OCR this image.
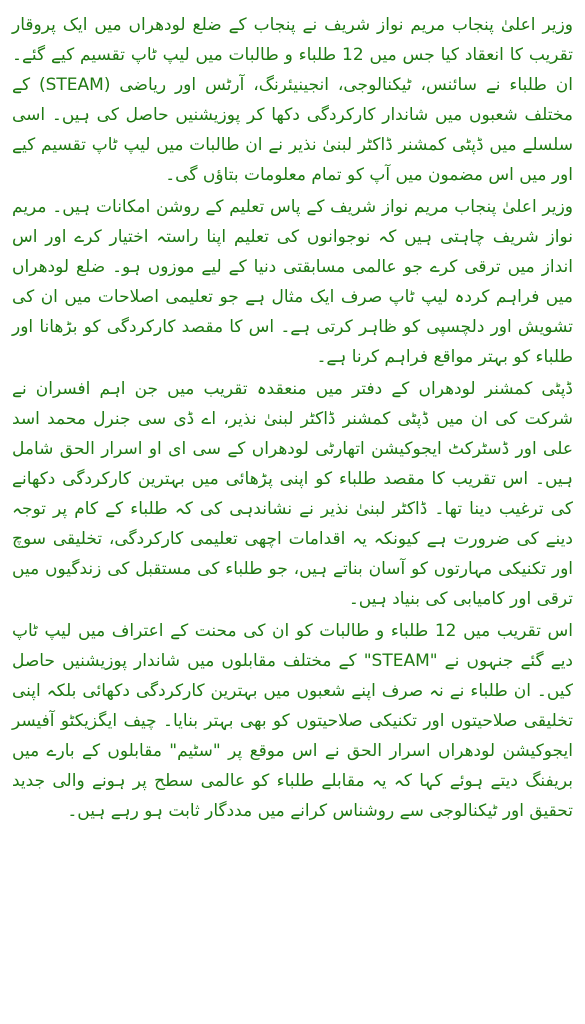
وزیر اعلیٰ پنجاب مریم نواز شریف نے پنجاب کے ضلع لودھراں میں ایک پروقار تقریب کا انعقاد کیا جس میں 12 طلباء و طالبات میں لیپ ٹاپ تقسیم کیے گئے۔ ان طلباء نے سائنس، ٹیکنالوجی، انجینیئرنگ، آرٹس اور ریاضی (STEAM) کے مختلف شعبوں میں شاندار کارکردگی دکھا کر پوزیشنیں حاصل کی ہیں۔ اسی سلسلے میں ڈپٹی کمشنر ڈاکٹر لبنیٰ نذیر نے ان طالبات میں لیپ ٹاپ تقسیم کیے اور میں اس مضمون میں آپ کو تمام معلومات بتاؤں گی۔

وزیر اعلیٰ پنجاب مریم نواز شریف کے پاس تعلیم کے روشن امکانات ہیں۔ مریم نواز شریف چاہتی ہیں کہ نوجوانوں کی تعلیم اپنا راستہ اختیار کرے اور اس انداز میں ترقی کرے جو عالمی مسابقتی دنیا کے لیے موزوں ہو۔ ضلع لودھراں میں فراہم کردہ لیپ ٹاپ صرف ایک مثال ہے جو تعلیمی اصلاحات میں ان کی تشویش اور دلچسپی کو ظاہر کرتی ہے۔ اس کا مقصد کارکردگی کو بڑھانا اور طلباء کو بہتر مواقع فراہم کرنا ہے۔

ڈپٹی کمشنر لودھراں کے دفتر میں منعقدہ تقریب میں جن اہم افسران نے شرکت کی ان میں ڈپٹی کمشنر ڈاکٹر لبنیٰ نذیر، اے ڈی سی جنرل محمد اسد علی اور ڈسٹرکٹ ایجوکیشن اتھارٹی لودھراں کے سی ای او اسرار الحق شامل ہیں۔ اس تقریب کا مقصد طلباء کو اپنی پڑھائی میں بہترین کارکردگی دکھانے کی ترغیب دینا تھا۔ ڈاکٹر لبنیٰ نذیر نے نشاندہی کی کہ طلباء کے کام پر توجہ دینے کی ضرورت ہے کیونکہ یہ اقدامات اچھی تعلیمی کارکردگی، تخلیقی سوچ اور تکنیکی مہارتوں کو آسان بناتے ہیں، جو طلباء کی مستقبل کی زندگیوں میں ترقی اور کامیابی کی بنیاد ہیں۔

اس تقریب میں 12 طلباء و طالبات کو ان کی محنت کے اعتراف میں لیپ ٹاپ دیے گئے جنہوں نے "STEAM" کے مختلف مقابلوں میں شاندار پوزیشنیں حاصل کیں۔ ان طلباء نے نہ صرف اپنے شعبوں میں بہترین کارکردگی دکھائی بلکہ اپنی تخلیقی صلاحیتوں اور تکنیکی صلاحیتوں کو بھی بہتر بنایا۔ چیف ایگزیکٹو آفیسر ایجوکیشن لودھراں اسرار الحق نے اس موقع پر "سٹیم" مقابلوں کے بارے میں بریفنگ دیتے ہوئے کہا کہ یہ مقابلے طلباء کو عالمی سطح پر ہونے والی جدید تحقیق اور ٹیکنالوجی سے روشناس کرانے میں مددگار ثابت ہو رہے ہیں۔
